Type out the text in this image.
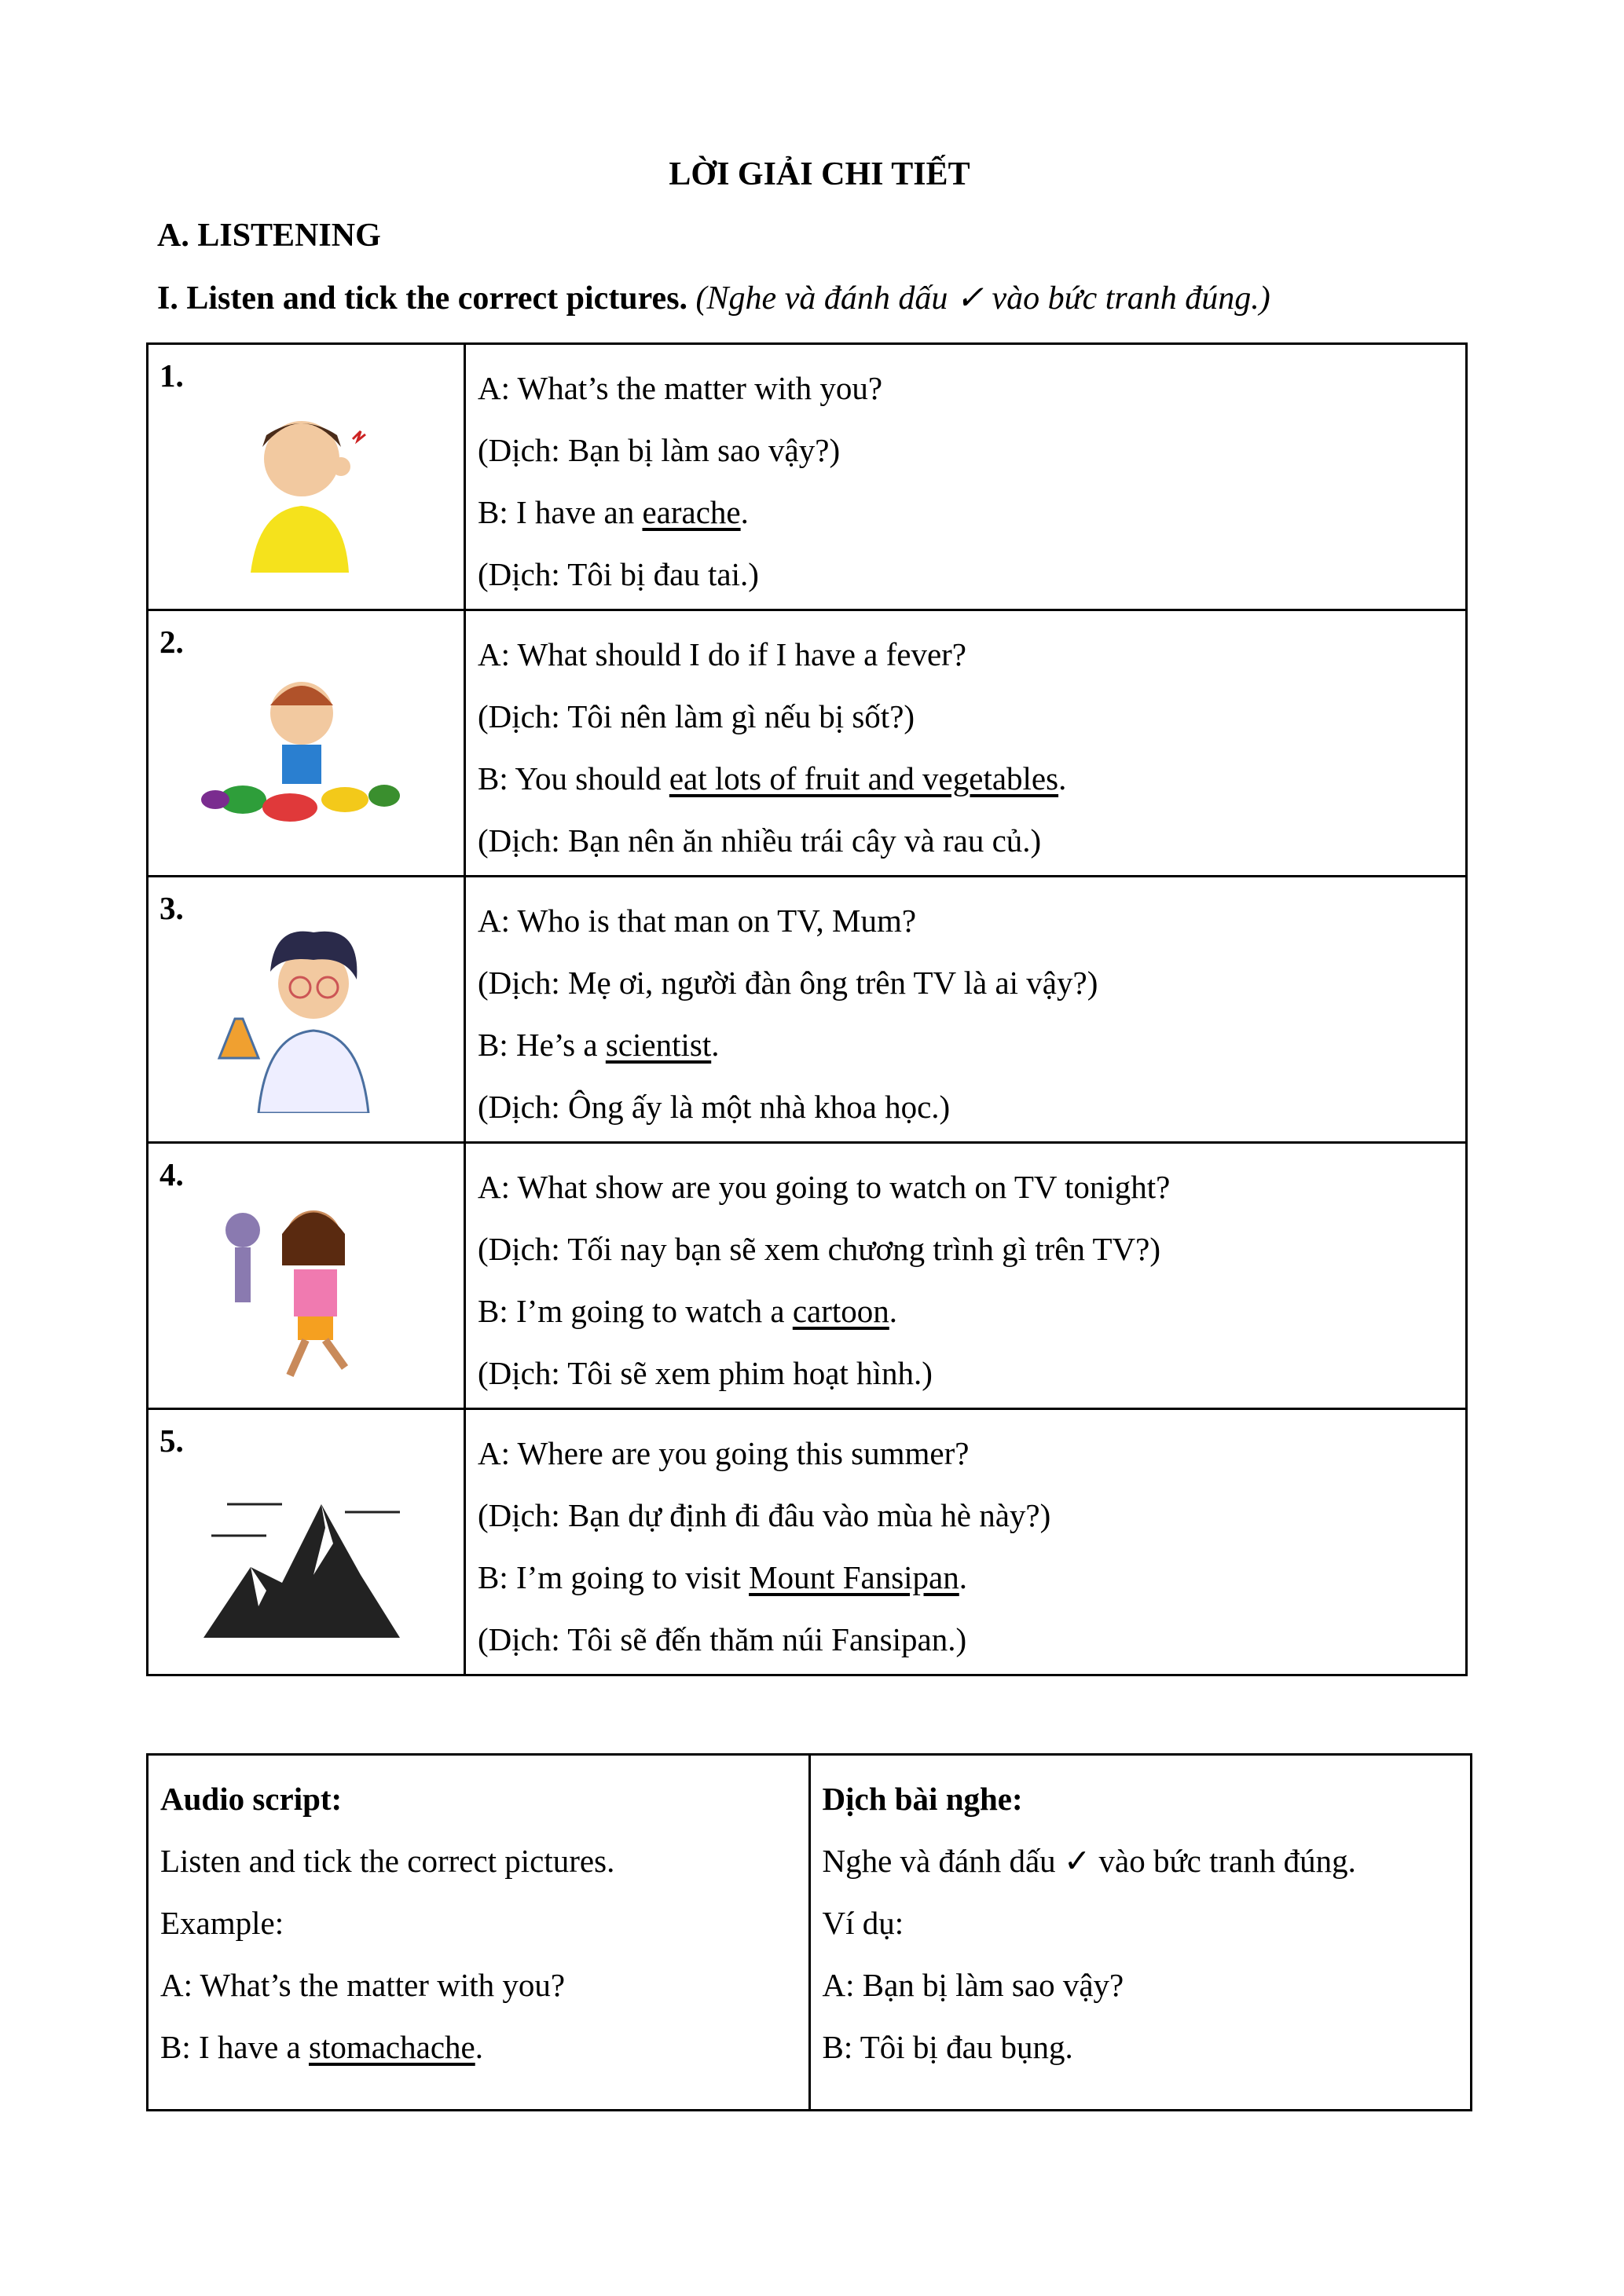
LỜI GIẢI CHI TIẾT
A. LISTENING
I. Listen and tick the correct pictures. (Nghe và đánh dấu ✓ vào bức tranh đúng.)
1.	A: What’s the matter with you?
(Dịch: Bạn bị làm sao vậy?)
B: I have an earache.
(Dịch: Tôi bị đau tai.)

2.	A: What should I do if I have a fever?
(Dịch: Tôi nên làm gì nếu bị sốt?)
B: You should eat lots of fruit and vegetables.
(Dịch: Bạn nên ăn nhiều trái cây và rau củ.)

3.	A: Who is that man on TV, Mum?
(Dịch: Mẹ ơi, người đàn ông trên TV là ai vậy?)
B: He’s a scientist.
(Dịch: Ông ấy là một nhà khoa học.)

4.	A: What show are you going to watch on TV tonight?
(Dịch: Tối nay bạn sẽ xem chương trình gì trên TV?)
B: I’m going to watch a cartoon.
(Dịch: Tôi sẽ xem phim hoạt hình.)

5.	A: Where are you going this summer?
(Dịch: Bạn dự định đi đâu vào mùa hè này?)
B: I’m going to visit Mount Fansipan.
(Dịch: Tôi sẽ đến thăm núi Fansipan.)
Audio script:
Listen and tick the correct pictures.
Example:
A: What’s the matter with you?
B: I have a stomachache.

Dịch bài nghe:
Nghe và đánh dấu ✓ vào bức tranh đúng.
Ví dụ:
A: Bạn bị làm sao vậy?
B: Tôi bị đau bụng.
